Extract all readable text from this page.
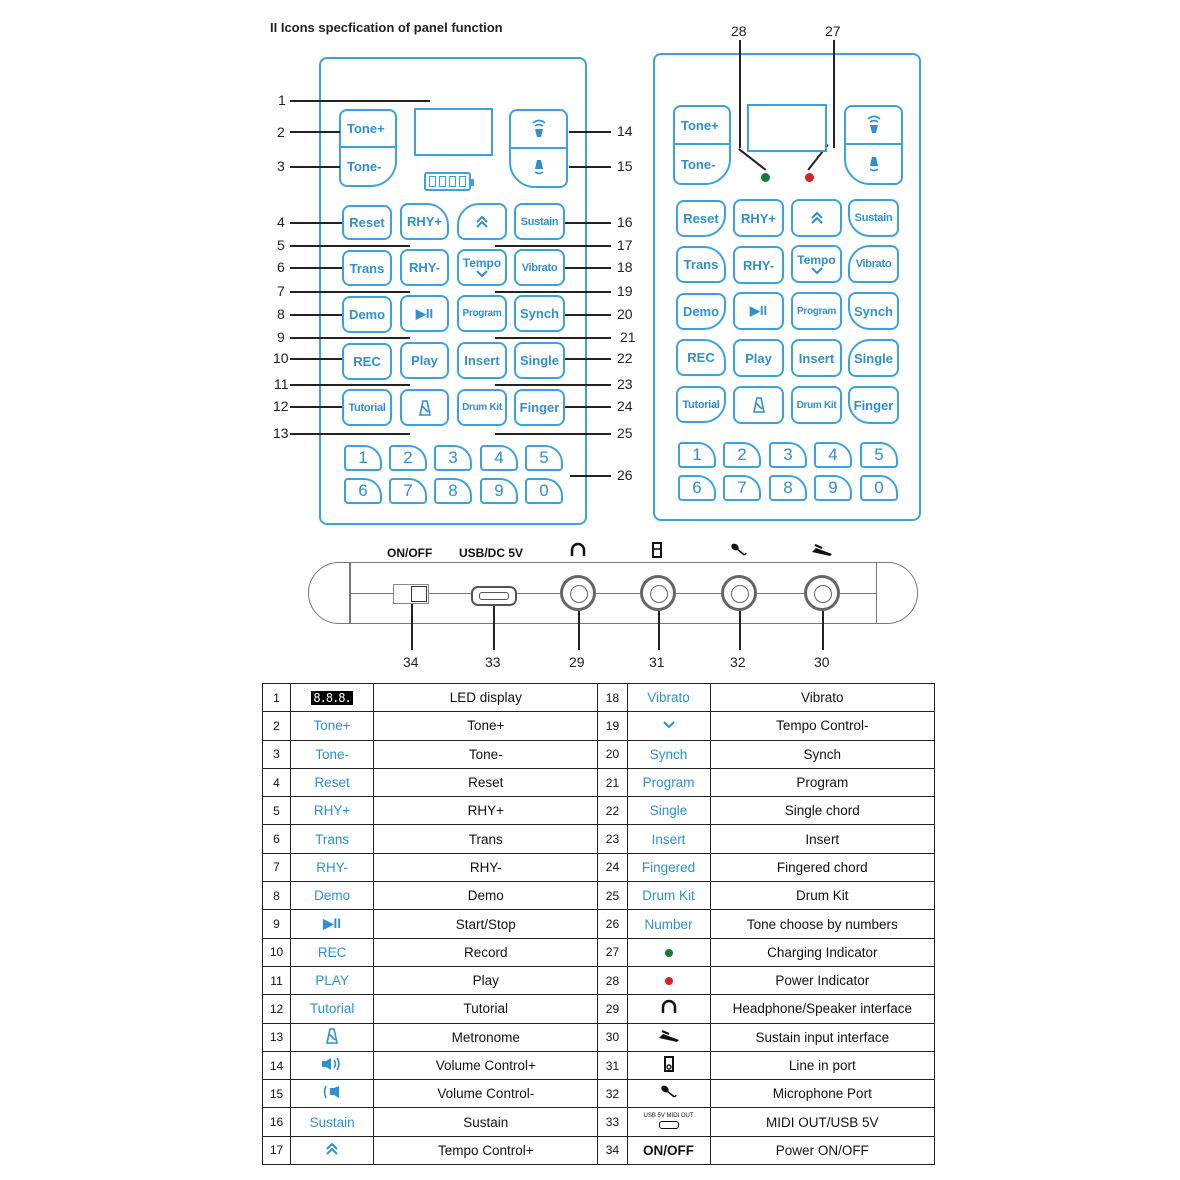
II Icons specfication of panel function
Tone+
Tone-
Reset	RHY+	Sustain
Trans	RHY-	Tempo	Vibrato
Demo	▶II	Program	Synch
REC	Play	Insert	Single
Tutorial	Drum Kit	Finger
1	2	3	4	5
6	7	8	9	0
1
2
3
4
5
6
7
8
9
10
11
12
13
14
15
16
17
18
19
20
21
22
23
24
25
26
28	27
Tone+
Tone-
Reset	RHY+	Sustain
Trans	RHY-	Tempo	Vibrato
Demo	▶II	Program	Synch
REC	Play	Insert	Single
Tutorial	Drum Kit	Finger
1	2	3	4	5
6	7	8	9	0
ON/OFF USB/DC 5V
34	33	29	31	32	30
1	8.8.8.	LED display	18	Vibrato	Vibrato
2	Tone+	Tone+	19		Tempo Control-
3	Tone-	Tone-	20	Synch	Synch
4	Reset	Reset	21	Program	Program
5	RHY+	RHY+	22	Single	Single chord
6	Trans	Trans	23	Insert	Insert
7	RHY-	RHY-	24	Fingered	Fingered chord
8	Demo	Demo	25	Drum Kit	Drum Kit
9	▶II	Start/Stop	26	Number	Tone choose by numbers
10	REC	Record	27		Charging Indicator
11	PLAY	Play	28		Power Indicator
12	Tutorial	Tutorial	29		Headphone/Speaker interface
13		Metronome	30		Sustain input interface
14		Volume Control+	31		Line in port
15		Volume Control-	32		Microphone Port
16	Sustain	Sustain	33	USB 5V MIDI OUT	MIDI OUT/USB 5V
17		Tempo Control+	34	ON/OFF	Power ON/OFF
